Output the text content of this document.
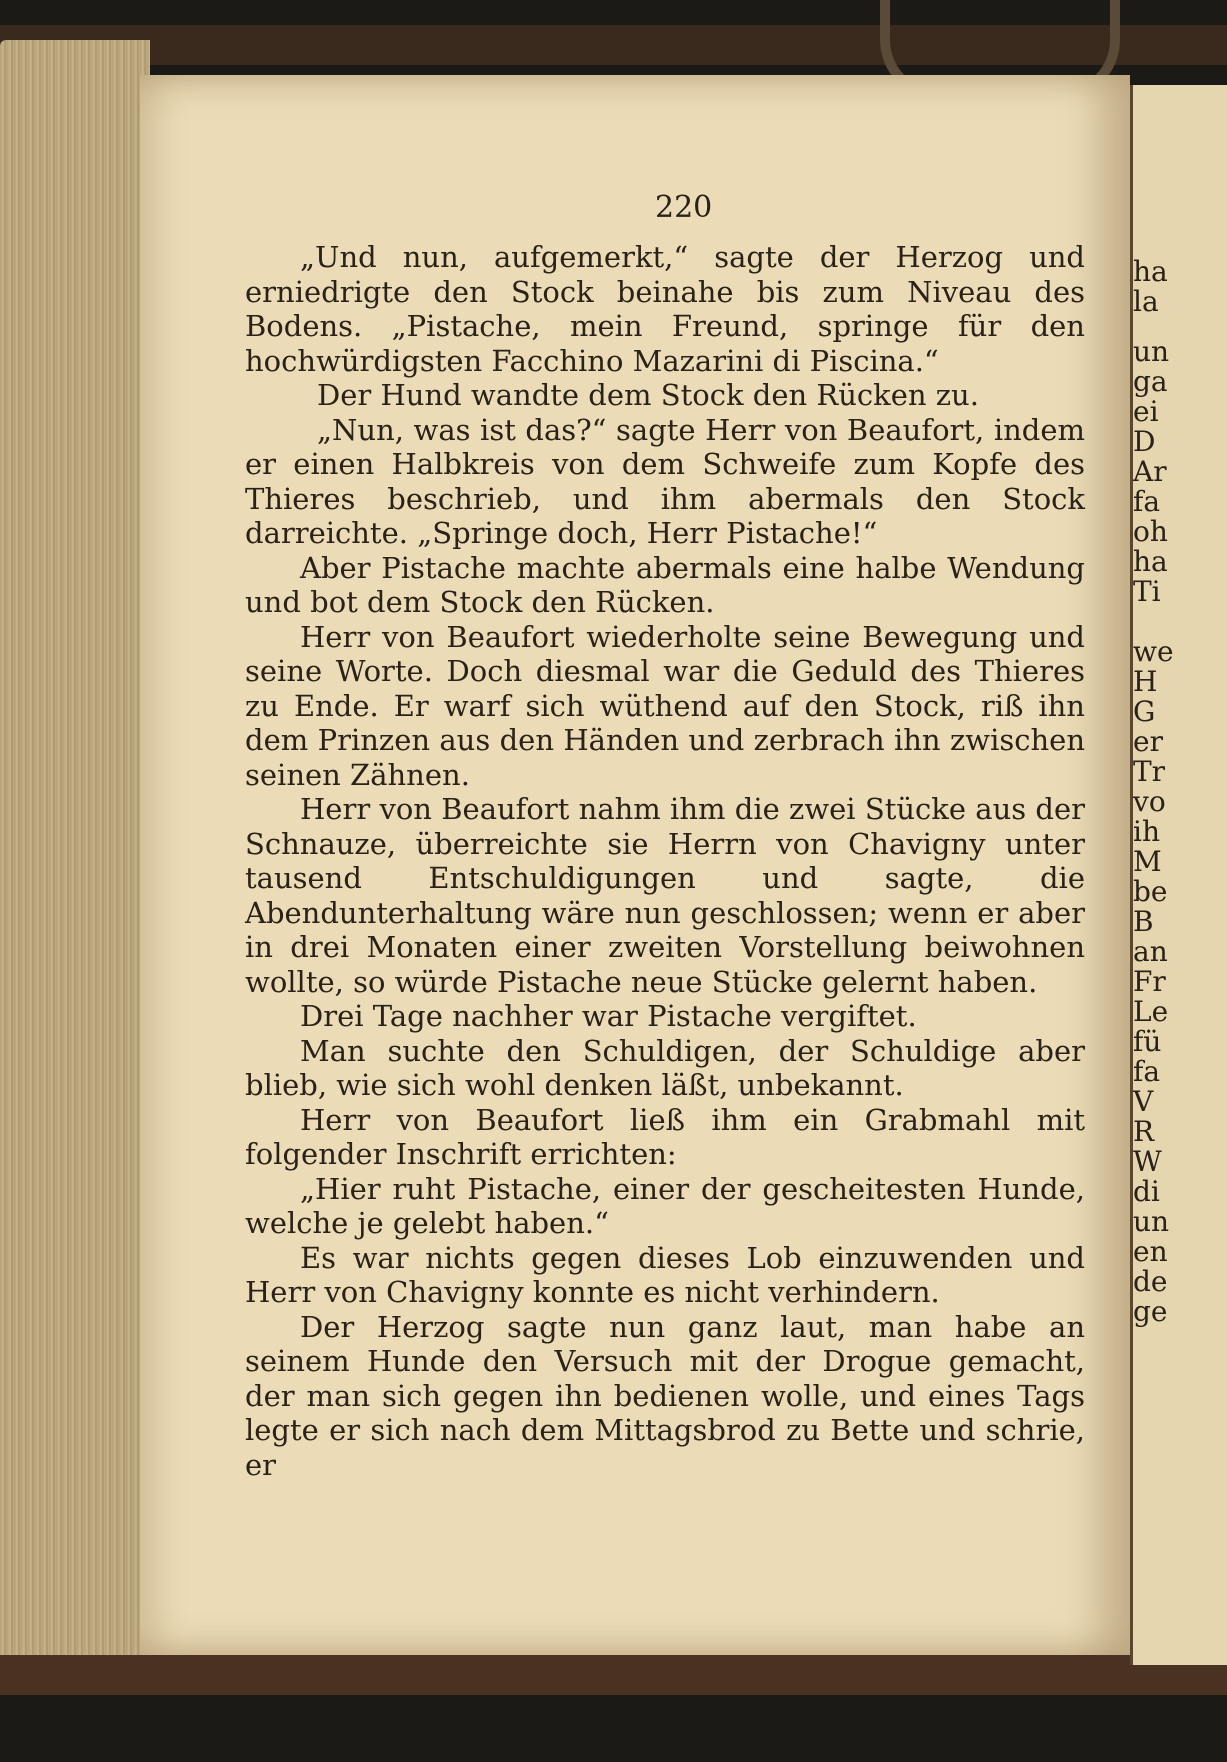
ha
la
un
ga
ei
D
Ar
fa
oh
ha
Ti
we
H
G
er
Tr
vo
ih
M
be
B
an
Fr
Le
fü
fa
V
R
W
di
un
en
de
ge
220

„Und nun, aufgemerkt,“ sagte der Herzog und erniedrigte den Stock beinahe bis zum Niveau des Bodens. „Pistache, mein Freund, springe für den hochwürdigsten Facchino Mazarini di Piscina.“

Der Hund wandte dem Stock den Rücken zu.

„Nun, was ist das?“ sagte Herr von Beaufort, indem er einen Halbkreis von dem Schweife zum Kopfe des Thieres beschrieb, und ihm abermals den Stock darreichte. „Springe doch, Herr Pistache!“

Aber Pistache machte abermals eine halbe Wendung und bot dem Stock den Rücken.

Herr von Beaufort wiederholte seine Bewegung und seine Worte. Doch diesmal war die Geduld des Thieres zu Ende. Er warf sich wüthend auf den Stock, riß ihn dem Prinzen aus den Händen und zerbrach ihn zwischen seinen Zähnen.

Herr von Beaufort nahm ihm die zwei Stücke aus der Schnauze, überreichte sie Herrn von Chavigny unter tausend Entschuldigungen und sagte, die Abendunterhaltung wäre nun geschlossen; wenn er aber in drei Monaten einer zweiten Vorstellung beiwohnen wollte, so würde Pistache neue Stücke gelernt haben.

Drei Tage nachher war Pistache vergiftet.

Man suchte den Schuldigen, der Schuldige aber blieb, wie sich wohl denken läßt, unbekannt.

Herr von Beaufort ließ ihm ein Grabmahl mit folgender Inschrift errichten:

„Hier ruht Pistache, einer der gescheitesten Hunde, welche je gelebt haben.“

Es war nichts gegen dieses Lob einzuwenden und Herr von Chavigny konnte es nicht verhindern.

Der Herzog sagte nun ganz laut, man habe an seinem Hunde den Versuch mit der Drogue gemacht, der man sich gegen ihn bedienen wolle, und eines Tags legte er sich nach dem Mittagsbrod zu Bette und schrie, er
